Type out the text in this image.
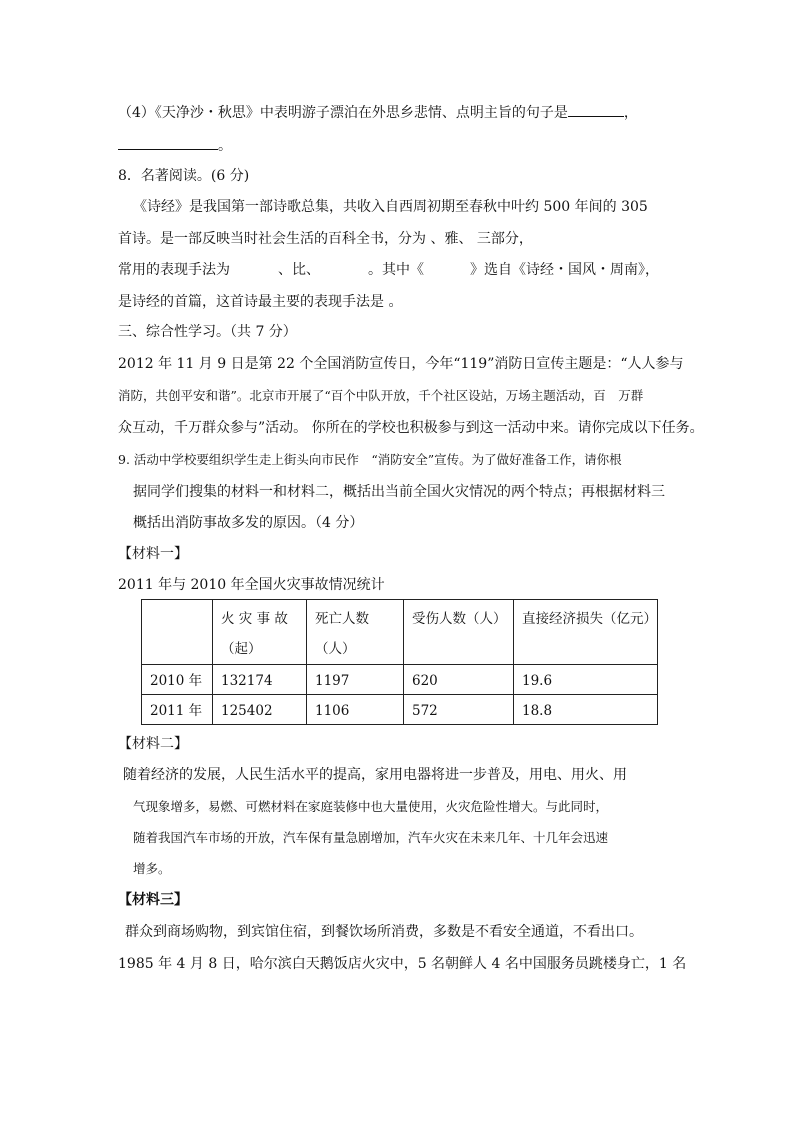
（4）《天净沙・秋思》中表明游子漂泊在外思乡悲情、点明主旨的句子是	，
。
8．名著阅读。(6 分)
《诗经》是我国第一部诗歌总集，共收入自西周初期至春秋中叶约 500 年间的 305
首诗。是一部反映当时社会生活的百科全书，分为 、雅、 三部分，
常用的表现手法为	、比、	。其中《	》选自《诗经・国风・周南》，
是诗经的首篇，这首诗最主要的表现手法是 。
三、综合性学习。（共 7 分）
2012 年 11 月 9 日是第 22 个全国消防宣传日，今年“119”消防日宣传主题是：“人人参与
消防，共创平安和谐”。北京市开展了“百个中队开放，千个社区设站，万场主题活动，百　万群
众互动，千万群众参与”活动。 你所在的学校也积极参与到这一活动中来。请你完成以下任务。
9. 活动中学校要组织学生走上街头向市民作　“消防安全”宣传。为了做好准备工作，请你根
据同学们搜集的材料一和材料二，概括出当前全国火灾情况的两个特点；再根据材料三
概括出消防事故多发的原因。（4 分）
【材料一】
2011 年与 2010 年全国火灾事故情况统计
	火 灾 事 故（起）	死亡人数（人）	受伤人数（人）	直接经济损失（亿元）
2010 年	132174	1197	620	19.6
2011 年	125402	1106	572	18.8
【材料二】
随着经济的发展，人民生活水平的提高，家用电器将进一步普及，用电、用火、用
气现象增多，易燃、可燃材料在家庭装修中也大量使用，火灾危险性增大。与此同时，
随着我国汽车市场的开放，汽车保有量急剧增加，汽车火灾在未来几年、十几年会迅速
增多。
【材料三】
群众到商场购物，到宾馆住宿，到餐饮场所消费，多数是不看安全通道，不看出口。
1985 年 4 月 8 日，哈尔滨白天鹅饭店火灾中，5 名朝鲜人 4 名中国服务员跳楼身亡，1 名
